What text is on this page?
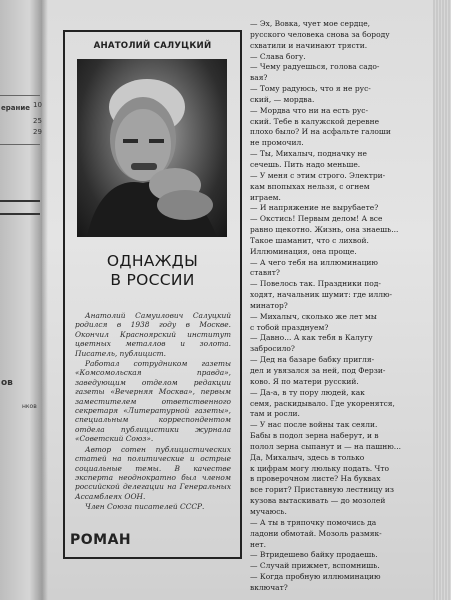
ерание 10
25
29
ов
нков
АНАТОЛИЙ САЛУЦКИЙ
ОДНАЖДЫ
В РОССИИ

Анатолий Самуилович Салуцкий родился в 1938 году в Москве. Окончил Красноярский институт цветных металлов и золота. Писатель, публицист.

Работал сотрудником газеты «Комсомольская правда», заведующим отделом редакции газеты «Вечерняя Москва», первым заместителем ответственного секретаря «Литературной газеты», специальным корреспондентом отдела публицистики журнала «Советский Союз».

Автор сотен публицистических статей на политические и острые социальные темы. В качестве эксперта неоднократно был членом российской делегации на Генеральных Ассамблеях ООН.

Член Союза писателей СССР.

РОМАН
— Эх, Вовка, чует мое сердце,
русского человека снова за бороду
схватили и начинают трясти.
— Слава богу.
— Чему радуешься, голова садо-
вая?
— Тому радуюсь, что я не рус-
ский, — мордва.
— Мордва что ни на есть рус-
ский. Тебе в калужской деревне
плохо было? И на асфальте галоши
не промочил.
— Ты, Михалыч, подначку не
сечешь. Пить надо меньше.
— У меня с этим строго. Электри-
кам впопыхах нельзя, с огнем
играем.
— И напряжение не вырубаете?
— Окстись! Первым делом! А все
равно щекотно. Жизнь, она знаешь...
Такое шаманит, что с лихвой.
Иллюминация, она проще.
— А чего тебя на иллюминацию
ставят?
— Повелось так. Праздники под-
ходят, начальник шумит: где иллю-
минатор?
— Михалыч, сколько же лет мы
с тобой празднуем?
— Давно... А как тебя в Калугу
забросило?
— Дед на базаре бабку пригля-
дел и увязался за ней, под Ферзи-
ково. Я по матери русский.
— Да-а, в ту пору людей, как
семя, раскидывало. Где укоренятся,
там и росли.
— У нас после войны так сеяли.
Бабы в подол зерна наберут, и в
полол зерна сыпанут и — на пашню...
Да, Михалыч, здесь в только
к цифрам могу люльку подать. Что
в проверочном листе? На буквах
все горит? Приставную лестницу из
кузова вытаскивать — до мозолей
мучаюсь.
— А ты в тряпочку помочись да
ладони обмотай. Мозоль размяк-
нет.
— Втридешево байку продаешь.
— Случай прижмет, вспомнишь.
— Когда пробную иллюминацию
включат?
